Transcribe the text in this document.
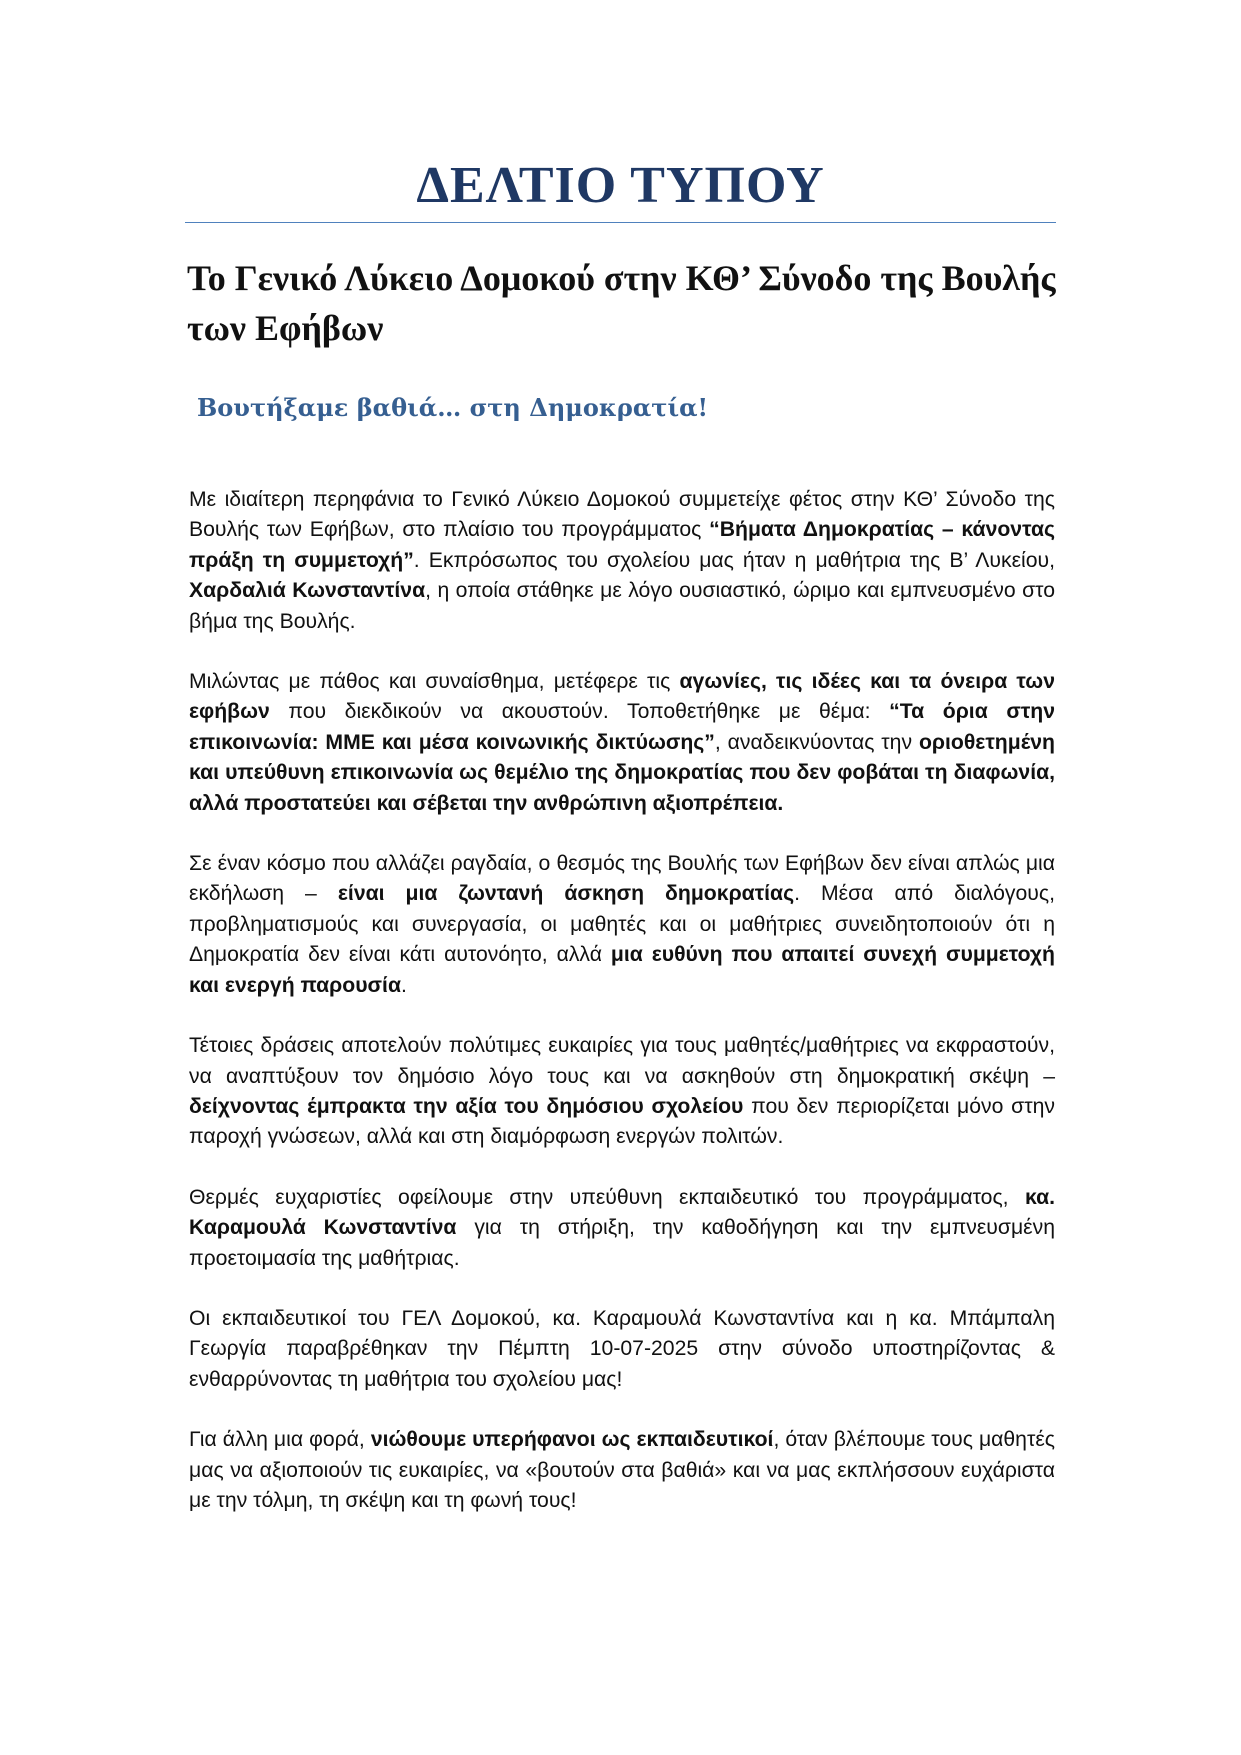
ΔΕΛΤΙΟ ΤΥΠΟΥ
Το Γενικό Λύκειο Δομοκού στην ΚΘ’ Σύνοδο της Βουλής των Εφήβων
Βουτήξαμε βαθιά… στη Δημοκρατία!

Με ιδιαίτερη περηφάνια το Γενικό Λύκειο Δομοκού συμμετείχε φέτος στην ΚΘ’ Σύνοδο της Βουλής των Εφήβων, στο πλαίσιο του προγράμματος “Βήματα Δημοκρατίας – κάνοντας πράξη τη συμμετοχή”. Εκπρόσωπος του σχολείου μας ήταν η μαθήτρια της Β’ Λυκείου, Χαρδαλιά Κωνσταντίνα, η οποία στάθηκε με λόγο ουσιαστικό, ώριμο και εμπνευσμένο στο βήμα της Βουλής.

Μιλώντας με πάθος και συναίσθημα, μετέφερε τις αγωνίες, τις ιδέες και τα όνειρα των εφήβων που διεκδικούν να ακουστούν. Τοποθετήθηκε με θέμα: “Τα όρια στην επικοινωνία: ΜΜΕ και μέσα κοινωνικής δικτύωσης”, αναδεικνύοντας την οριοθετημένη και υπεύθυνη επικοινωνία ως θεμέλιο της δημοκρατίας που δεν φοβάται τη διαφωνία, αλλά προστατεύει και σέβεται την ανθρώπινη αξιοπρέπεια.

Σε έναν κόσμο που αλλάζει ραγδαία, ο θεσμός της Βουλής των Εφήβων δεν είναι απλώς μια εκδήλωση – είναι μια ζωντανή άσκηση δημοκρατίας. Μέσα από διαλόγους, προβληματισμούς και συνεργασία, οι μαθητές και οι μαθήτριες συνειδητοποιούν ότι η Δημοκρατία δεν είναι κάτι αυτονόητο, αλλά μια ευθύνη που απαιτεί συνεχή συμμετοχή και ενεργή παρουσία.

Τέτοιες δράσεις αποτελούν πολύτιμες ευκαιρίες για τους μαθητές/μαθήτριες να εκφραστούν, να αναπτύξουν τον δημόσιο λόγο τους και να ασκηθούν στη δημοκρατική σκέψη – δείχνοντας έμπρακτα την αξία του δημόσιου σχολείου που δεν περιορίζεται μόνο στην παροχή γνώσεων, αλλά και στη διαμόρφωση ενεργών πολιτών.

Θερμές ευχαριστίες οφείλουμε στην υπεύθυνη εκπαιδευτικό του προγράμματος, κα. Καραμουλά Κωνσταντίνα για τη στήριξη, την καθοδήγηση και την εμπνευσμένη προετοιμασία της μαθήτριας.

Οι εκπαιδευτικοί του ΓΕΛ Δομοκού, κα. Καραμουλά Κωνσταντίνα και η κα. Μπάμπαλη Γεωργία παραβρέθηκαν την Πέμπτη 10-07-2025 στην σύνοδο υποστηρίζοντας & ενθαρρύνοντας τη μαθήτρια του σχολείου μας!

Για άλλη μια φορά, νιώθουμε υπερήφανοι ως εκπαιδευτικοί, όταν βλέπουμε τους μαθητές μας να αξιοποιούν τις ευκαιρίες, να «βουτούν στα βαθιά» και να μας εκπλήσσουν ευχάριστα με την τόλμη, τη σκέψη και τη φωνή τους!
